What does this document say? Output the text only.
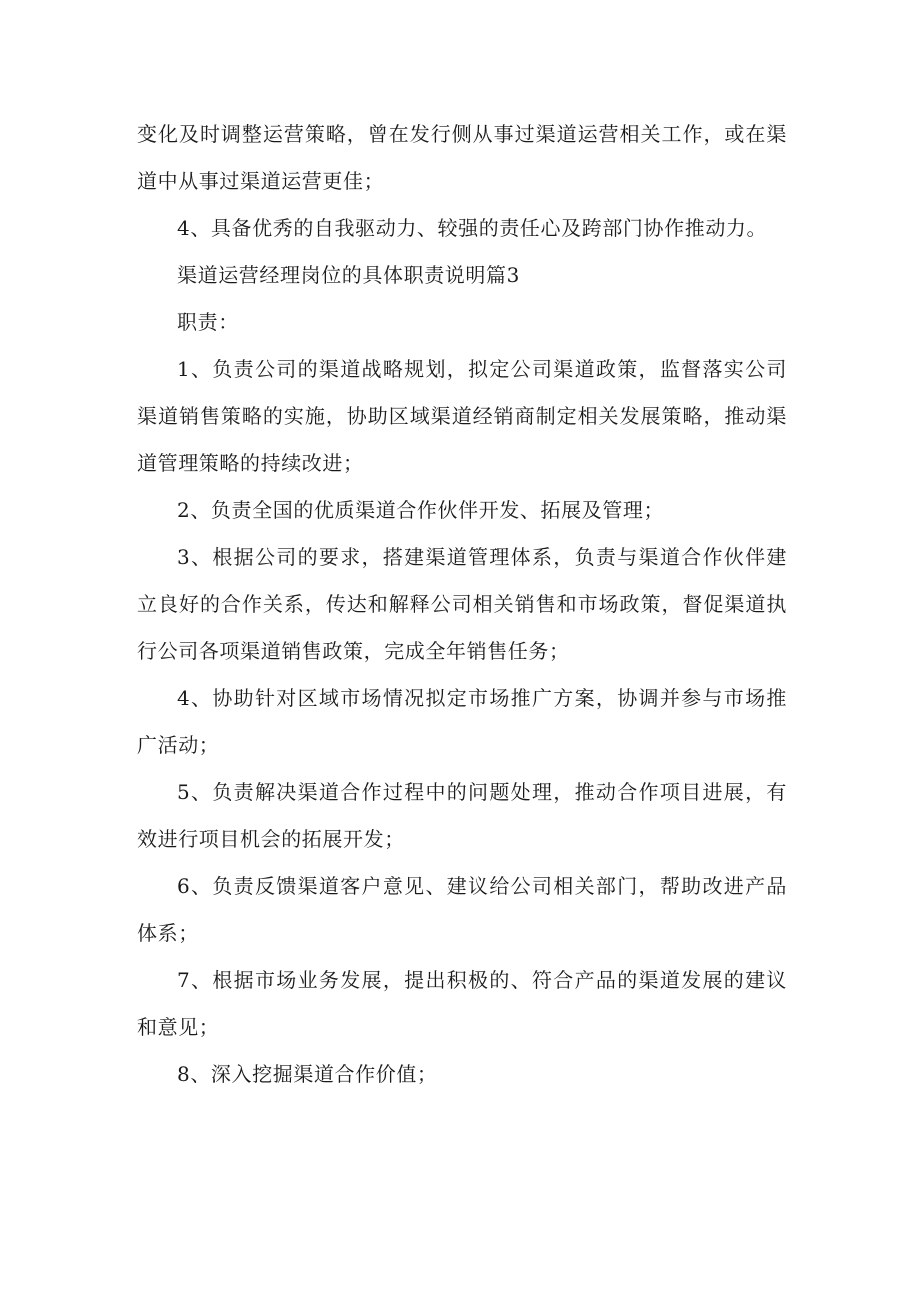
变化及时调整运营策略，曾在发行侧从事过渠道运营相关工作，或在渠道中从事过渠道运营更佳；

4、具备优秀的自我驱动力、较强的责任心及跨部门协作推动力。

渠道运营经理岗位的具体职责说明篇3

职责：

1、负责公司的渠道战略规划，拟定公司渠道政策，监督落实公司渠道销售策略的实施，协助区域渠道经销商制定相关发展策略，推动渠道管理策略的持续改进；

2、负责全国的优质渠道合作伙伴开发、拓展及管理；

3、根据公司的要求，搭建渠道管理体系，负责与渠道合作伙伴建立良好的合作关系，传达和解释公司相关销售和市场政策，督促渠道执行公司各项渠道销售政策，完成全年销售任务；

4、协助针对区域市场情况拟定市场推广方案，协调并参与市场推广活动；

5、负责解决渠道合作过程中的问题处理，推动合作项目进展，有效进行项目机会的拓展开发；

6、负责反馈渠道客户意见、建议给公司相关部门，帮助改进产品体系；

7、根据市场业务发展，提出积极的、符合产品的渠道发展的建议和意见；

8、深入挖掘渠道合作价值；
